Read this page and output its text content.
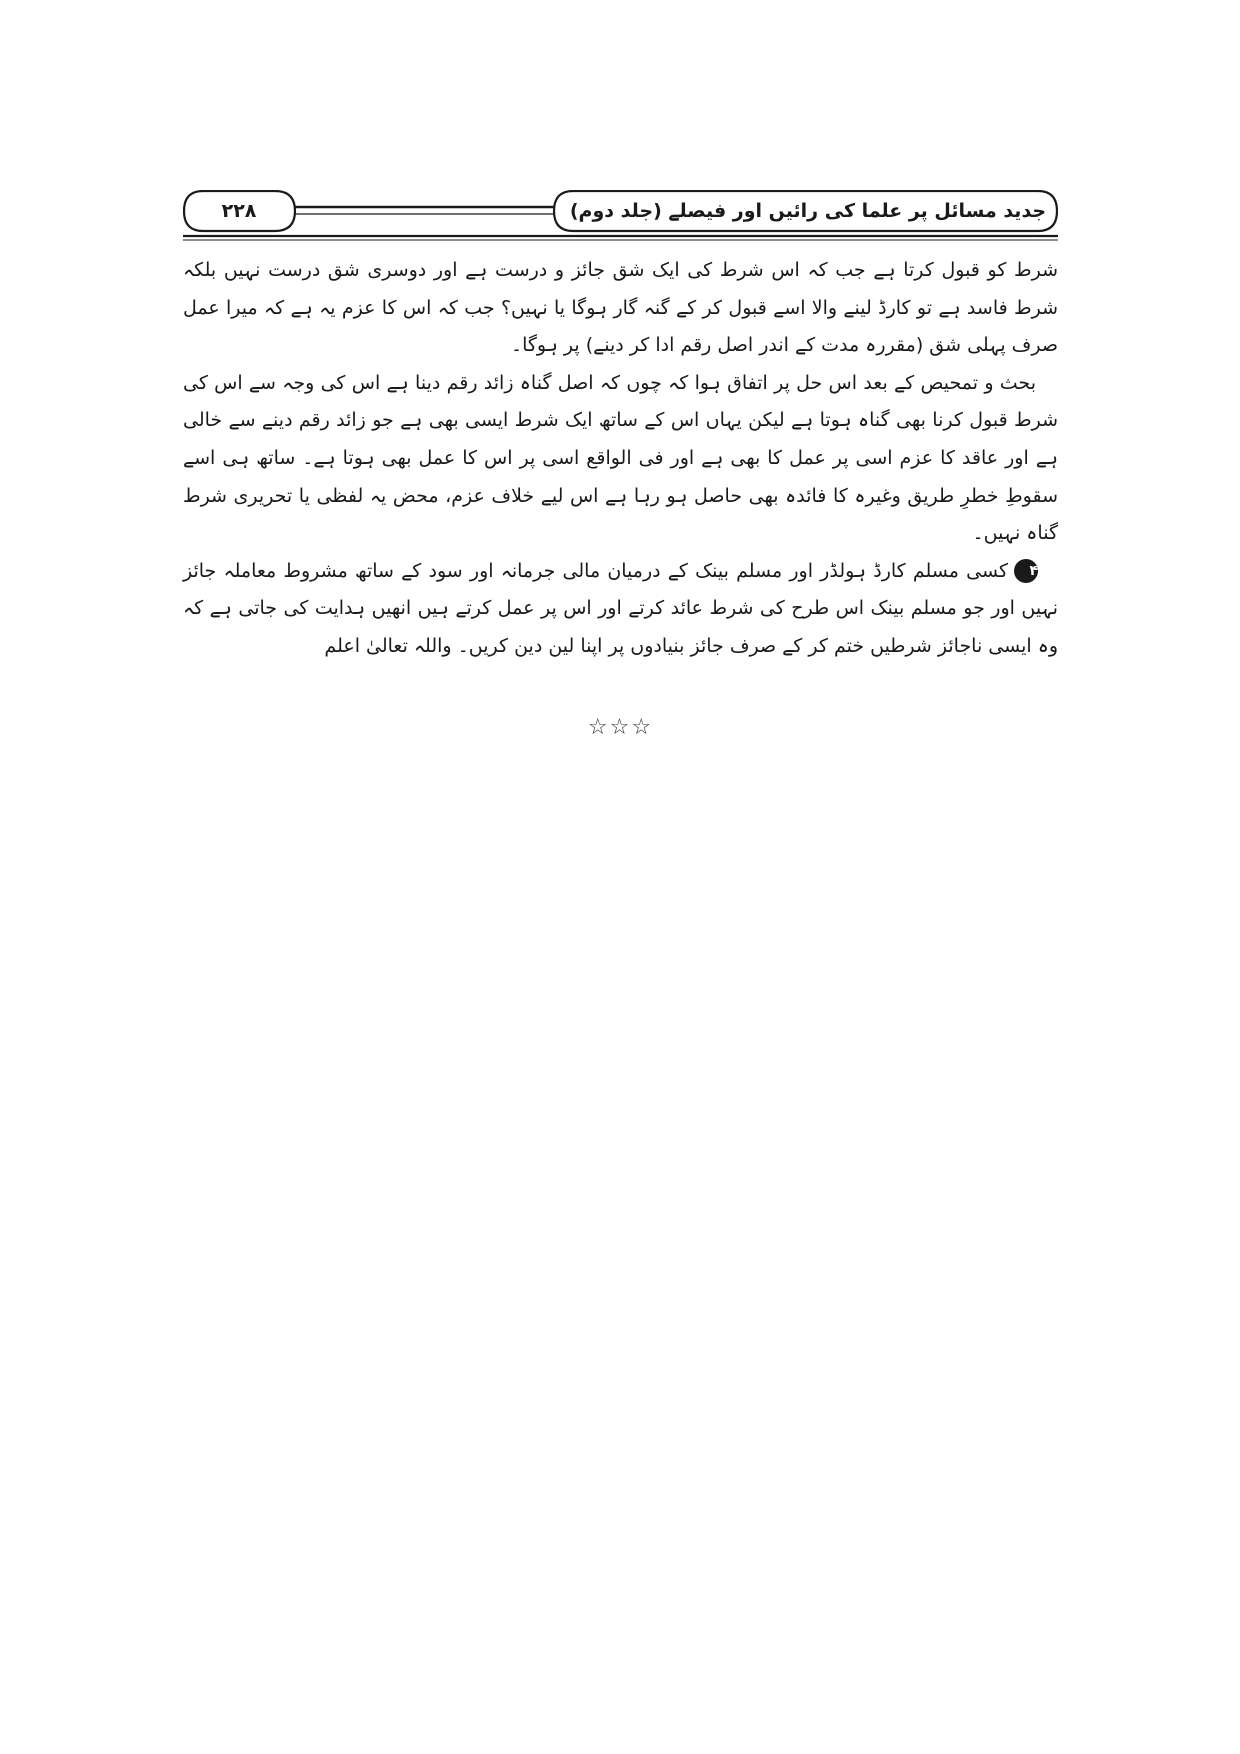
۲۲۸	جدید مسائل پر علما کی رائیں اور فیصلے (جلد دوم)

شرط کو قبول کرتا ہے جب کہ اس شرط کی ایک شق جائز و درست ہے اور دوسری شق درست نہیں بلکہ شرط فاسد ہے تو کارڈ لینے والا اسے قبول کر کے گنہ گار ہوگا یا نہیں؟ جب کہ اس کا عزم یہ ہے کہ میرا عمل صرف پہلی شق (مقررہ مدت کے اندر اصل رقم ادا کر دینے) پر ہوگا۔

بحث و تمحیص کے بعد اس حل پر اتفاق ہوا کہ چوں کہ اصل گناہ زائد رقم دینا ہے اس کی وجہ سے اس کی شرط قبول کرنا بھی گناہ ہوتا ہے لیکن یہاں اس کے ساتھ ایک شرط ایسی بھی ہے جو زائد رقم دینے سے خالی ہے اور عاقد کا عزم اسی پر عمل کا بھی ہے اور فی الواقع اسی پر اس کا عمل بھی ہوتا ہے۔ ساتھ ہی اسے سقوطِ خطرِ طریق وغیرہ کا فائدہ بھی حاصل ہو رہا ہے اس لیے خلاف عزم، محض یہ لفظی یا تحریری شرط گناہ نہیں۔

۴کسی مسلم کارڈ ہولڈر اور مسلم بینک کے درمیان مالی جرمانہ اور سود کے ساتھ مشروط معاملہ جائز نہیں اور جو مسلم بینک اس طرح کی شرط عائد کرتے اور اس پر عمل کرتے ہیں انھیں ہدایت کی جاتی ہے کہ وہ ایسی ناجائز شرطیں ختم کر کے صرف جائز بنیادوں پر اپنا لین دین کریں۔ واللہ تعالیٰ اعلم

☆☆☆
